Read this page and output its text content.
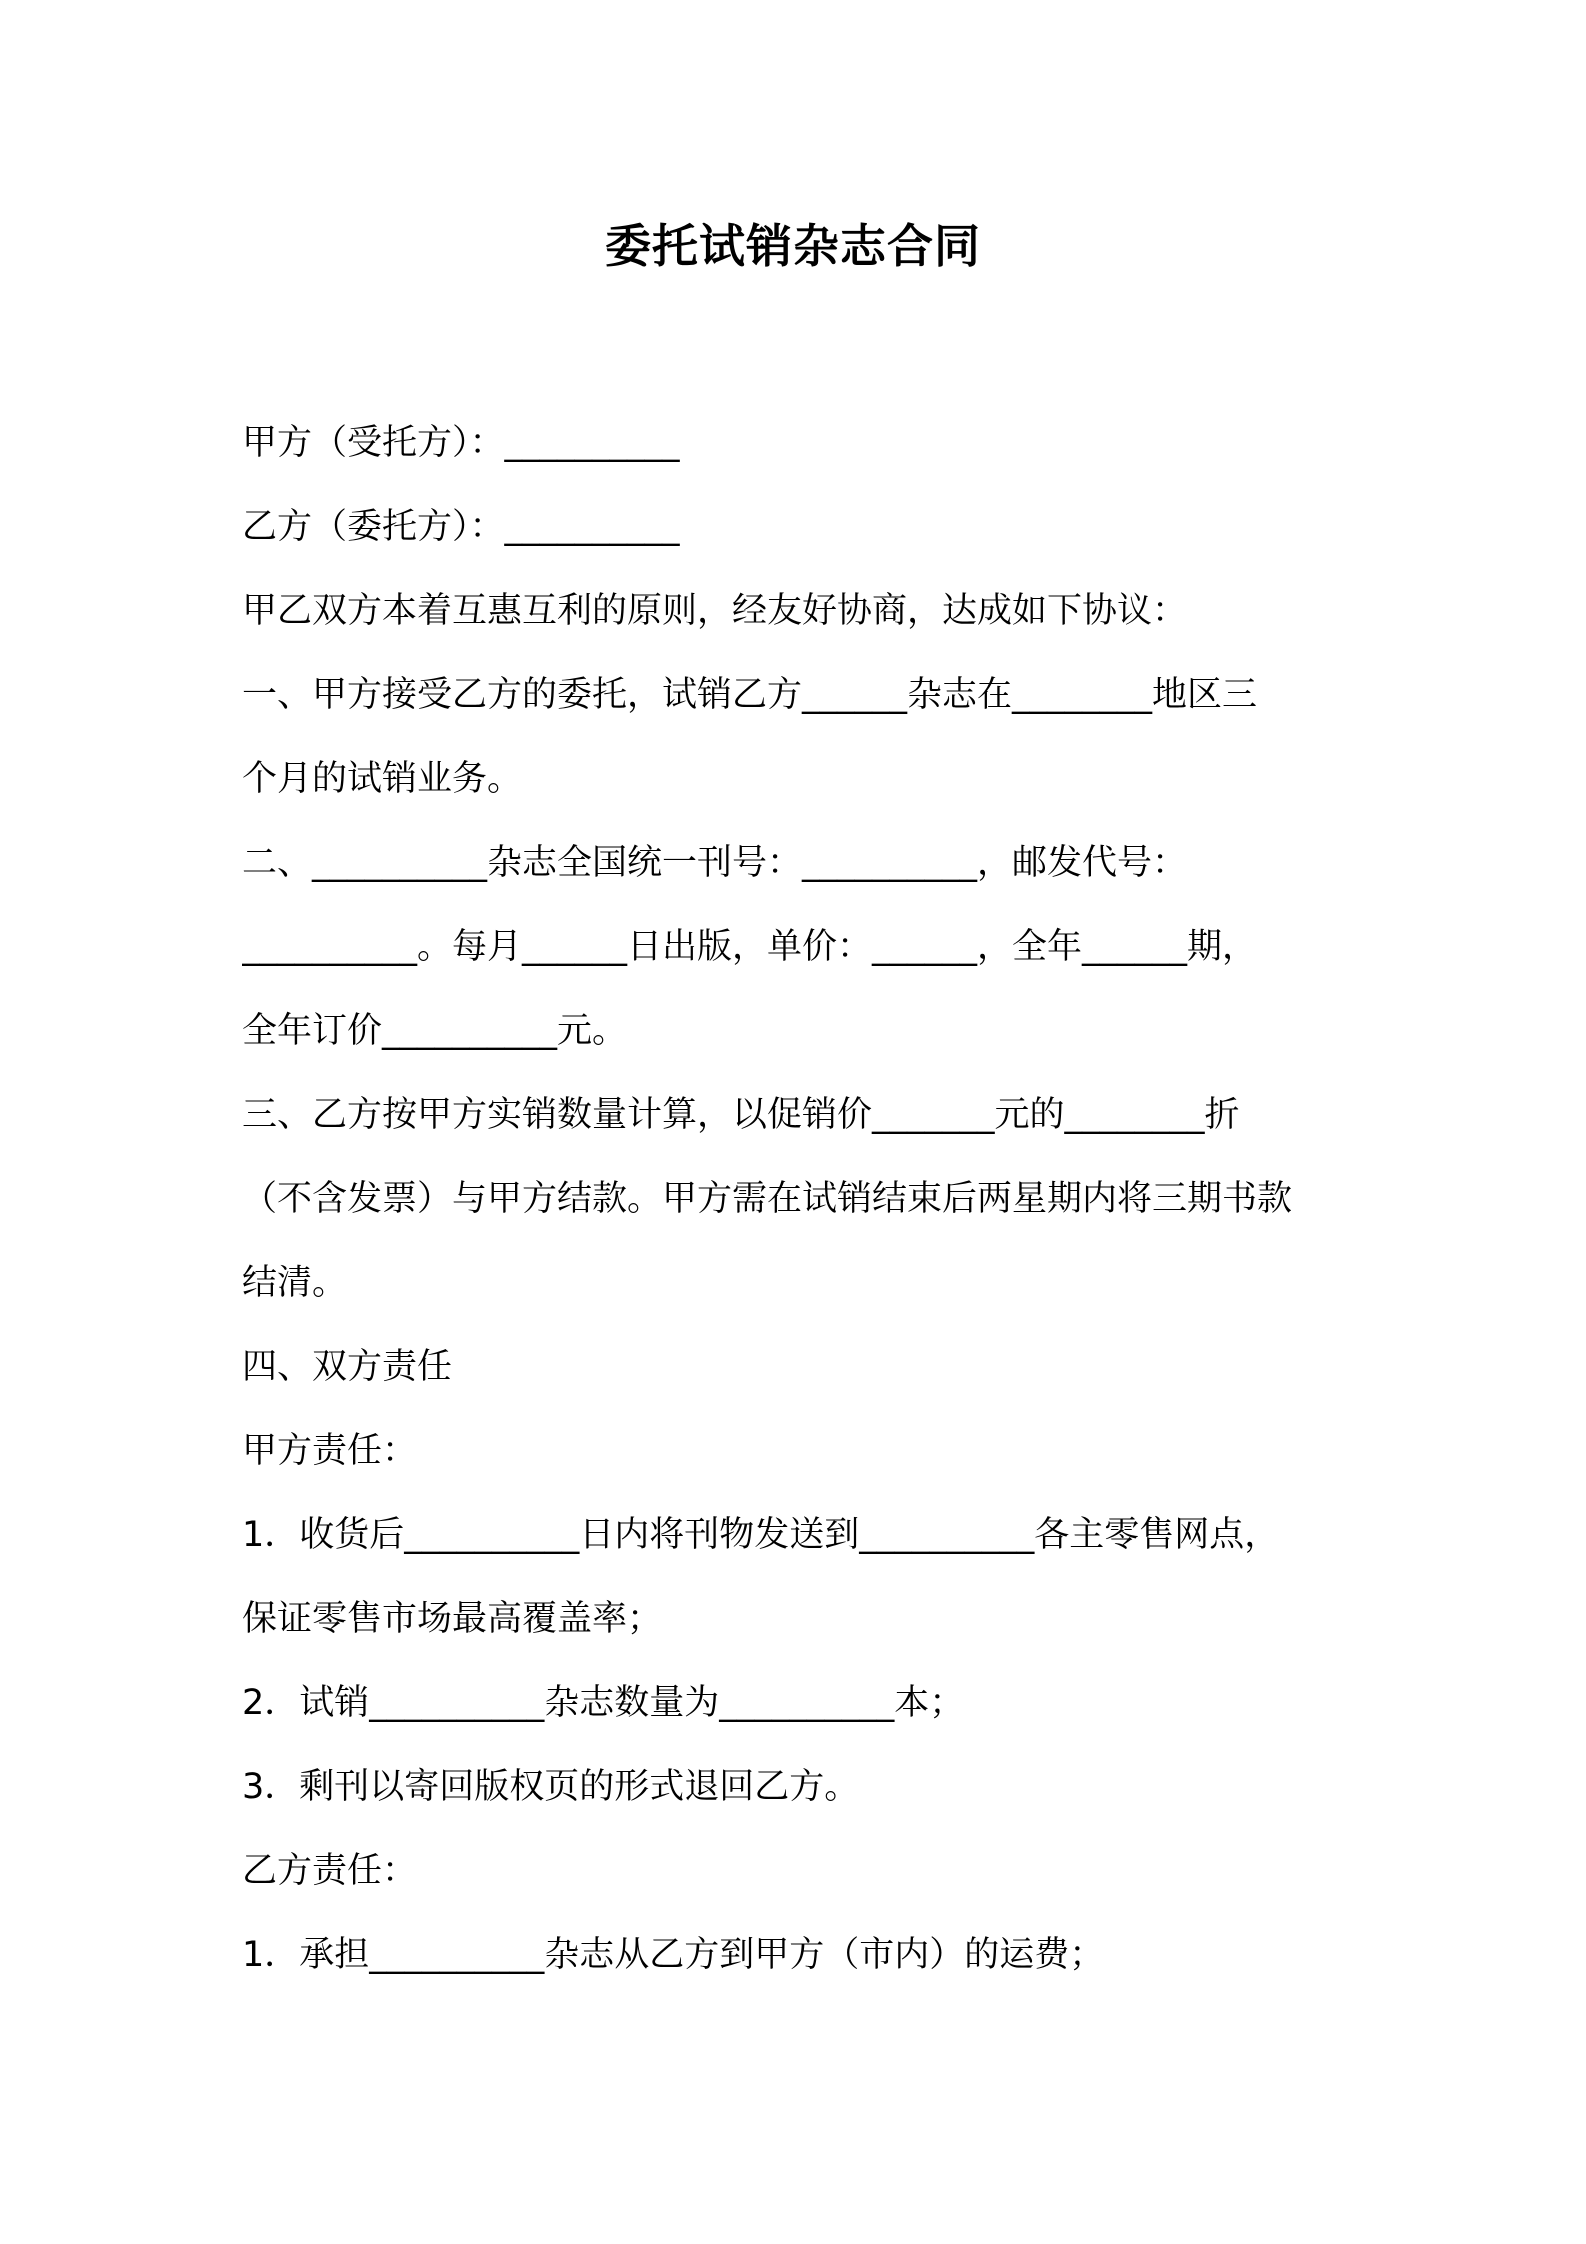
委托试销杂志合同
甲方（受托方）：__________
乙方（委托方）：__________
甲乙双方本着互惠互利的原则，经友好协商，达成如下协议：
一、甲方接受乙方的委托，试销乙方______杂志在________地区三
个月的试销业务。
二、__________杂志全国统一刊号：__________，邮发代号：
__________。每月______日出版，单价：______，全年______期，
全年订价__________元。
三、乙方按甲方实销数量计算，以促销价_______元的________折
（不含发票）与甲方结款。甲方需在试销结束后两星期内将三期书款
结清。
四、双方责任
甲方责任：
1．收货后__________日内将刊物发送到__________各主零售网点，
保证零售市场最高覆盖率；
2．试销__________杂志数量为__________本；
3．剩刊以寄回版权页的形式退回乙方。
乙方责任：
1．承担__________杂志从乙方到甲方（市内）的运费；
